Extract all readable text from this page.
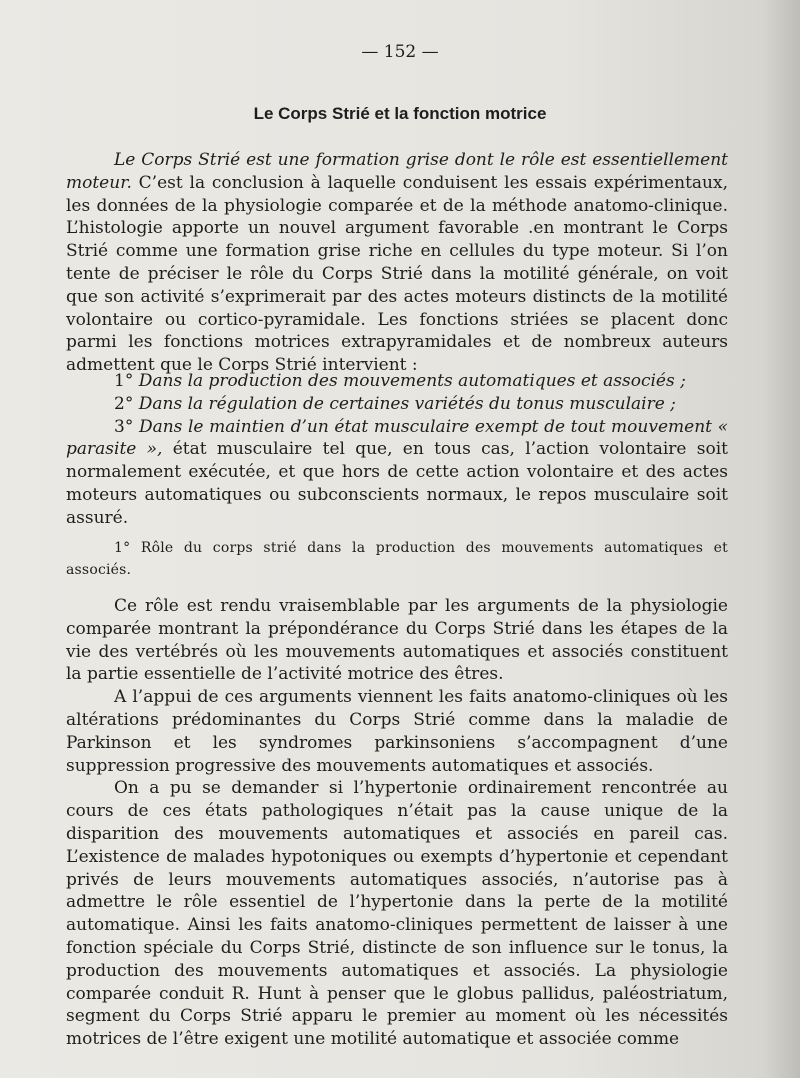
— 152 —
Le Corps Strié et la fonction motrice

Le Corps Strié est une formation grise dont le rôle est essentiellement moteur. C’est la conclusion à laquelle conduisent les essais expérimentaux, les données de la physiologie comparée et de la méthode anatomo-clinique. L’histologie apporte un nouvel argument favorable .en montrant le Corps Strié comme une formation grise riche en cellules du type moteur. Si l’on tente de préciser le rôle du Corps Strié dans la motilité générale, on voit que son activité s’exprimerait par des actes moteurs distincts de la motilité volontaire ou cortico-pyramidale. Les fonctions striées se placent donc parmi les fonctions motrices extrapyramidales et de nombreux auteurs admettent que le Corps Strié intervient :

1° Dans la production des mouvements automatiques et associés ;

2° Dans la régulation de certaines variétés du tonus musculaire ;

3° Dans le maintien d’un état musculaire exempt de tout mouvement « parasite », état musculaire tel que, en tous cas, l’action volontaire soit normalement exécutée, et que hors de cette action volontaire et des actes moteurs automatiques ou subconscients normaux, le repos musculaire soit assuré.

1° Rôle du corps strié dans la production des mouvements automatiques et associés.

Ce rôle est rendu vraisemblable par les arguments de la physiologie comparée montrant la prépondérance du Corps Strié dans les étapes de la vie des vertébrés où les mouvements automatiques et associés constituent la partie essentielle de l’activité motrice des êtres.

A l’appui de ces arguments viennent les faits anatomo-cliniques où les altérations prédominantes du Corps Strié comme dans la maladie de Parkinson et les syndromes parkinsoniens s’accompagnent d’une suppression progressive des mouvements automatiques et associés.

On a pu se demander si l’hypertonie ordinairement rencontrée au cours de ces états pathologiques n’était pas la cause unique de la disparition des mouvements automatiques et associés en pareil cas. L’existence de malades hypotoniques ou exempts d’hypertonie et cependant privés de leurs mouvements automatiques associés, n’autorise pas à admettre le rôle essentiel de l’hypertonie dans la perte de la motilité automatique. Ainsi les faits anatomo-cliniques permettent de laisser à une fonction spéciale du Corps Strié, distincte de son influence sur le tonus, la production des mouvements automatiques et associés. La physiologie comparée conduit R. Hunt à penser que le globus pallidus, paléostriatum, segment du Corps Strié apparu le premier au moment où les nécessités motrices de l’être exigent une motilité automatique et associée comme
